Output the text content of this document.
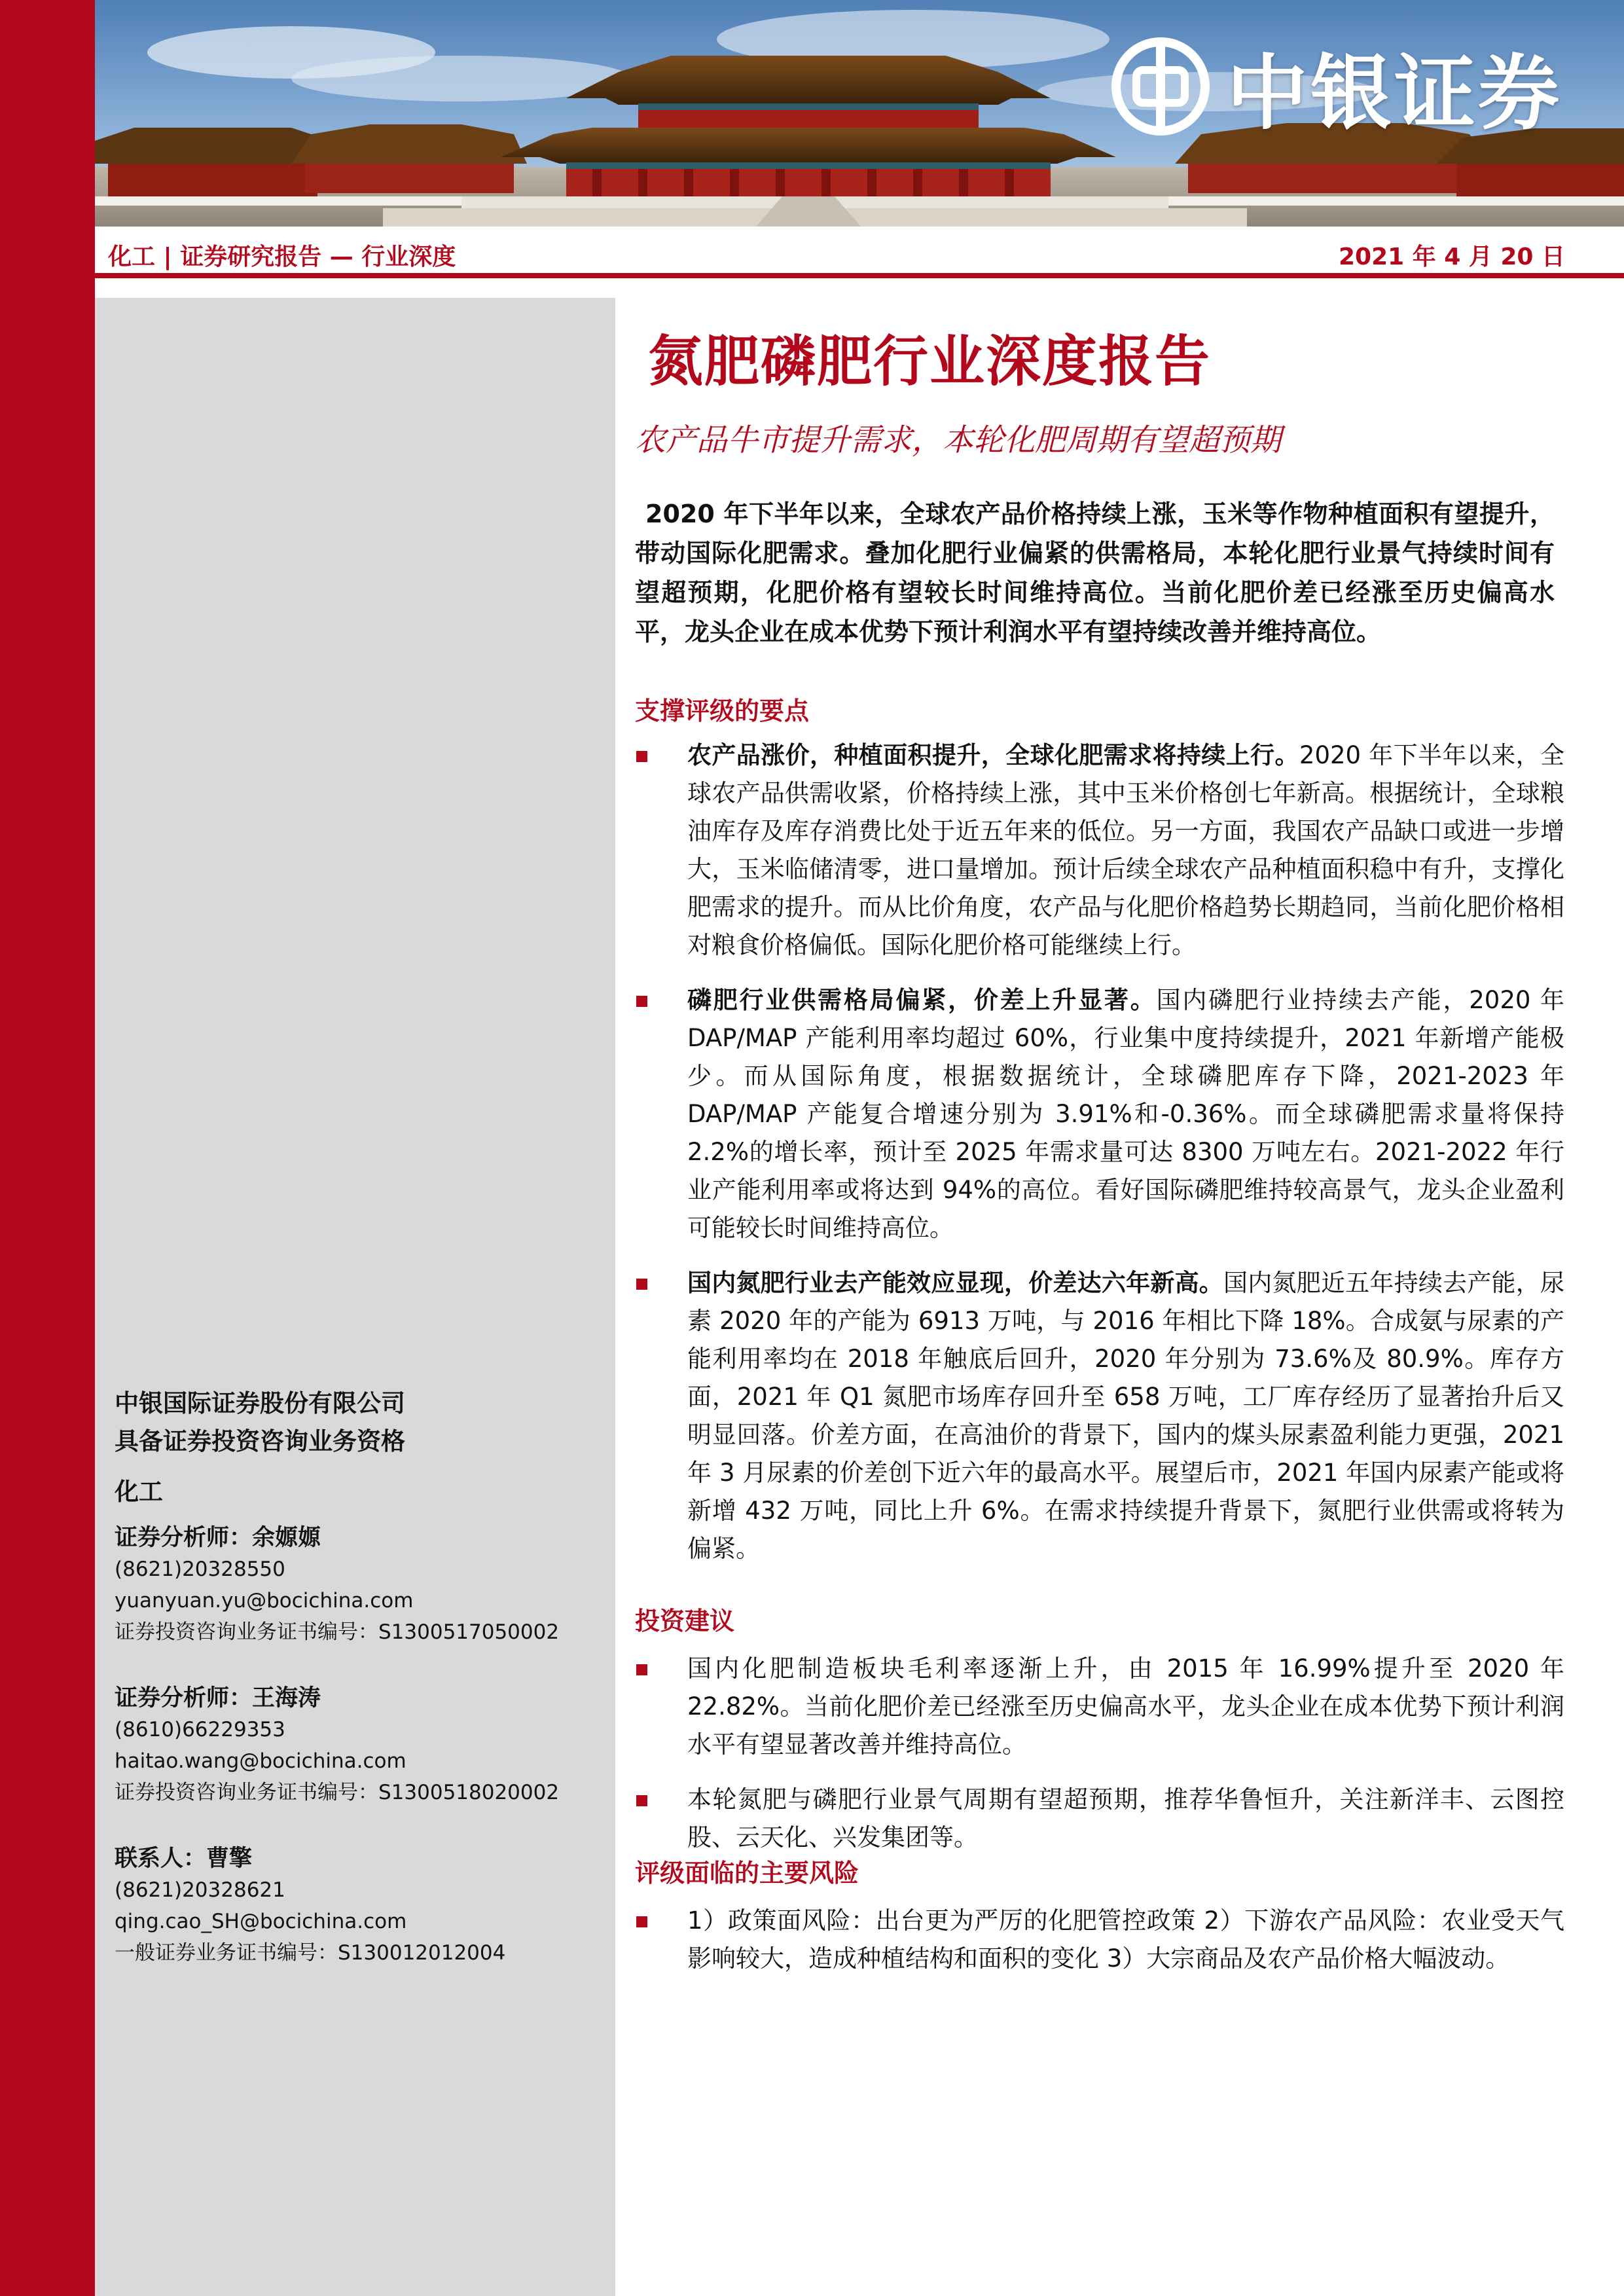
中银证券
化工 | 证券研究报告 — 行业深度	2021 年 4 月 20 日
中银国际证券股份有限公司
具备证券投资咨询业务资格
化工
证券分析师：余嫄嫄
(8621)20328550
yuanyuan.yu@bocichina.com
证券投资咨询业务证书编号：S1300517050002
证券分析师：王海涛
(8610)66229353
haitao.wang@bocichina.com
证券投资咨询业务证书编号：S1300518020002
联系人：曹擎
(8621)20328621
qing.cao_SH@bocichina.com
一般证券业务证书编号：S130012012004
氮肥磷肥行业深度报告
农产品牛市提升需求，本轮化肥周期有望超预期

2020 年下半年以来，全球农产品价格持续上涨，玉米等作物种植面积有望提升，带动国际化肥需求。叠加化肥行业偏紧的供需格局，本轮化肥行业景气持续时间有望超预期，化肥价格有望较长时间维持高位。当前化肥价差已经涨至历史偏高水平，龙头企业在成本优势下预计利润水平有望持续改善并维持高位。

支撑评级的要点
农产品涨价，种植面积提升，全球化肥需求将持续上行。2020 年下半年以来，全球农产品供需收紧，价格持续上涨，其中玉米价格创七年新高。根据统计，全球粮油库存及库存消费比处于近五年来的低位。另一方面，我国农产品缺口或进一步增大，玉米临储清零，进口量增加。预计后续全球农产品种植面积稳中有升，支撑化肥需求的提升。而从比价角度，农产品与化肥价格趋势长期趋同，当前化肥价格相对粮食价格偏低。国际化肥价格可能继续上行。
磷肥行业供需格局偏紧，价差上升显著。国内磷肥行业持续去产能，2020 年 DAP/MAP 产能利用率均超过 60%，行业集中度持续提升，2021 年新增产能极少。而从国际角度，根据数据统计，全球磷肥库存下降，2021-2023 年 DAP/MAP 产能复合增速分别为 3.91%和-0.36%。而全球磷肥需求量将保持 2.2%的增长率，预计至 2025 年需求量可达 8300 万吨左右。2021-2022 年行业产能利用率或将达到 94%的高位。看好国际磷肥维持较高景气，龙头企业盈利可能较长时间维持高位。
国内氮肥行业去产能效应显现，价差达六年新高。国内氮肥近五年持续去产能，尿素 2020 年的产能为 6913 万吨，与 2016 年相比下降 18%。合成氨与尿素的产能利用率均在 2018 年触底后回升，2020 年分别为 73.6%及 80.9%。库存方面，2021 年 Q1 氮肥市场库存回升至 658 万吨，工厂库存经历了显著抬升后又明显回落。价差方面，在高油价的背景下，国内的煤头尿素盈利能力更强，2021 年 3 月尿素的价差创下近六年的最高水平。展望后市，2021 年国内尿素产能或将新增 432 万吨，同比上升 6%。在需求持续提升背景下，氮肥行业供需或将转为偏紧。
投资建议
国内化肥制造板块毛利率逐渐上升，由 2015 年 16.99%提升至 2020 年 22.82%。当前化肥价差已经涨至历史偏高水平，龙头企业在成本优势下预计利润水平有望显著改善并维持高位。
本轮氮肥与磷肥行业景气周期有望超预期，推荐华鲁恒升，关注新洋丰、云图控股、云天化、兴发集团等。
评级面临的主要风险
1）政策面风险：出台更为严厉的化肥管控政策 2）下游农产品风险：农业受天气影响较大，造成种植结构和面积的变化 3）大宗商品及农产品价格大幅波动。
